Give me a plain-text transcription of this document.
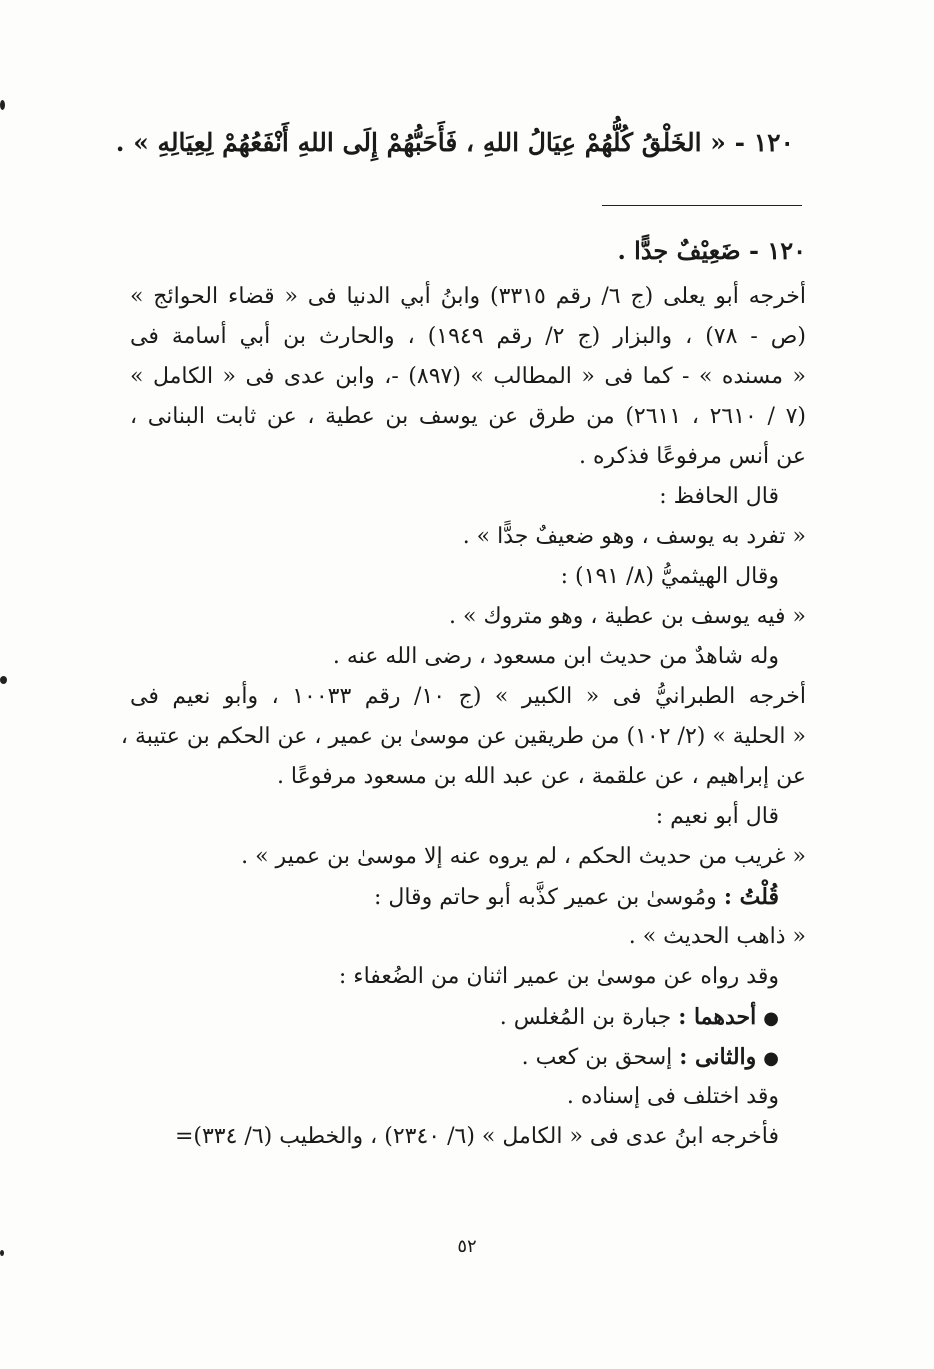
١٢٠ - « الخَلْقُ كُلُّهُمْ عِيَالُ اللهِ ، فَأَحَبُّهُمْ إِلَى اللهِ أَنْفَعُهُمْ لِعِيَالِهِ » .
١٢٠ - ضَعِيْفٌ جدًّا .
أخرجه أبو يعلى (ج ٦/ رقم ٣٣١٥) وابنُ أبي الدنيا فى « قضاء الحوائج »
(ص - ٧٨) ، والبزار (ج ٢/ رقم ١٩٤٩) ، والحارث بن أبي أسامة فى
« مسنده » - كما فى « المطالب » (٨٩٧) -، وابن عدى فى « الكامل »
(٧ / ٢٦١٠ ، ٢٦١١) من طرق عن يوسف بن عطية ، عن ثابت البنانى ،
عن أنس مرفوعًا فذكره .
قال الحافظ :
« تفرد به يوسف ، وهو ضعيفٌ جدًّا » .
وقال الهيثميُّ (٨/ ١٩١) :
« فيه يوسف بن عطية ، وهو متروك » .
وله شاهدٌ من حديث ابن مسعود ، رضى الله عنه .
أخرجه الطبرانيُّ فى « الكبير » (ج ١٠/ رقم ١٠٠٣٣ ، وأبو نعيم فى
« الحلية » (٢/ ١٠٢) من طريقين عن موسىٰ بن عمير ، عن الحكم بن عتيبة ،
عن إبراهيم ، عن علقمة ، عن عبد الله بن مسعود مرفوعًا .
قال أبو نعيم :
« غريب من حديث الحكم ، لم يروه عنه إلا موسىٰ بن عمير » .
قُلْتُ : ومُوسىٰ بن عمير كذَّبه أبو حاتم وقال :
« ذاهب الحديث » .
وقد رواه عن موسىٰ بن عمير اثنان من الضُعفاء :
● أحدهما : جبارة بن المُغلس .
● والثانى : إسحق بن كعب .
وقد اختلف فى إسناده .
فأخرجه ابنُ عدى فى « الكامل » (٦/ ٢٣٤٠) ، والخطيب (٦/ ٣٣٤)=
٥٢
